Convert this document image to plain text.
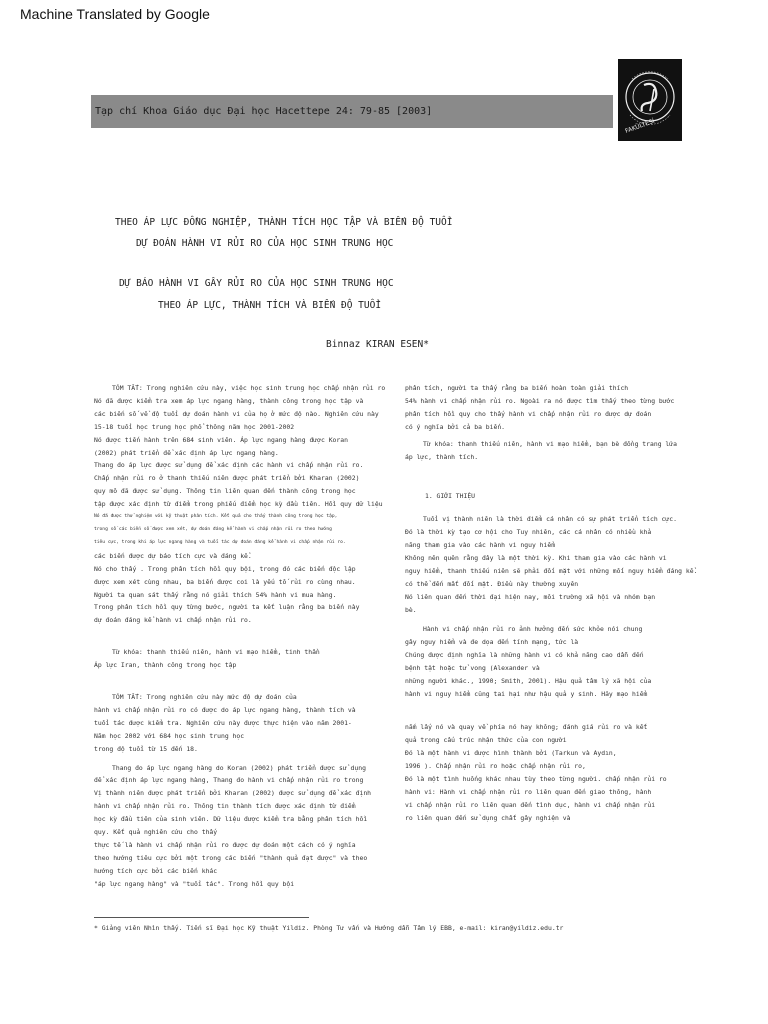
Machine Translated by Google
Tạp chí Khoa Giáo dục Đại học Hacettepe 24: 79-85 [2003]
FAKÜLTESİ
THEO ÁP LỰC ĐỒNG NGHIỆP, THÀNH TÍCH HỌC TẬP VÀ BIẾN ĐỘ TUỔI
DỰ ĐOÁN HÀNH VI RỦI RO CỦA HỌC SINH TRUNG HỌC
DỰ BÁO HÀNH VI GÂY RỦI RO CỦA HỌC SINH TRUNG HỌC
THEO ÁP LỰC, THÀNH TÍCH VÀ BIẾN ĐỘ TUỔI
Binnaz KIRAN ESEN*

TÓM TẮT: Trong nghiên cứu này, việc học sinh trung học chấp nhận rủi ro

Nó đã được kiểm tra xem áp lực ngang hàng, thành công trong học tập và

các biến số về độ tuổi dự đoán hành vi của họ ở mức độ nào. Nghiên cứu này

15-18 tuổi học trung học phổ thông năm học 2001-2002

Nó được tiến hành trên 684 sinh viên. Áp lực ngang hàng được Koran

(2002) phát triển để xác định áp lực ngang hàng.

Thang đo áp lực được sử dụng để xác định các hành vi chấp nhận rủi ro.

Chấp nhận rủi ro ở thanh thiếu niên được phát triển bởi Kharan (2002)

quy mô đã được sử dụng. Thông tin liên quan đến thành công trong học

tập được xác định từ điểm trong phiếu điểm học kỳ đầu tiên. Hồi quy dữ liệu

Nó đã được thử nghiệm với kỹ thuật phân tích. Kết quả cho thấy thành công trong học tập,

trong số các biến số được xem xét, dự đoán đáng kể hành vi chấp nhận rủi ro theo hướng

tiêu cực, trong khi áp lực ngang hàng và tuổi tác dự đoán đáng kể hành vi chấp nhận rủi ro.

các biến được dự báo tích cực và đáng kể.

Nó cho thấy . Trong phân tích hồi quy bội, trong đó các biến độc lập

được xem xét cùng nhau, ba biến được coi là yếu tố rủi ro cùng nhau.

Người ta quan sát thấy rằng nó giải thích 54% hành vi mua hàng.

Trong phân tích hồi quy từng bước, người ta kết luận rằng ba biến này

dự đoán đáng kể hành vi chấp nhận rủi ro.

Từ khóa: thanh thiếu niên, hành vi mạo hiểm, tinh thần

Áp lực Iran, thành công trong học tập

TÓM TẮT: Trong nghiên cứu này mức độ dự đoán của

hành vi chấp nhận rủi ro có được do áp lực ngang hàng, thành tích và

tuổi tác được kiểm tra. Nghiên cứu này được thực hiện vào năm 2001-

Năm học 2002 với 684 học sinh trung học

trong độ tuổi từ 15 đến 18.

Thang đo áp lực ngang hàng do Koran (2002) phát triển được sử dụng

để xác định áp lực ngang hàng, Thang đo hành vi chấp nhận rủi ro trong

Vị thành niên được phát triển bởi Kharan (2002) được sử dụng để xác định

hành vi chấp nhận rủi ro. Thông tin thành tích được xác định từ điểm

học kỳ đầu tiên của sinh viên. Dữ liệu được kiểm tra bằng phân tích hồi

quy. Kết quả nghiên cứu cho thấy

thực tế là hành vi chấp nhận rủi ro được dự đoán một cách có ý nghĩa

theo hướng tiêu cực bởi một trong các biến "thành quả đạt được" và theo

hướng tích cực bởi các biến khác

"áp lực ngang hàng" và "tuổi tác". Trong hồi quy bội

phân tích, người ta thấy rằng ba biến hoàn toàn giải thích

54% hành vi chấp nhận rủi ro. Ngoài ra nó được tìm thấy theo từng bước

phân tích hồi quy cho thấy hành vi chấp nhận rủi ro được dự đoán

có ý nghĩa bởi cả ba biến.

Từ khóa: thanh thiếu niên, hành vi mạo hiểm, bạn bè đồng trang lứa

áp lực, thành tích.

1. GIỚI THIỆU

Tuổi vị thành niên là thời điểm cá nhân có sự phát triển tích cực.

Đó là thời kỳ tạo cơ hội cho Tuy nhiên, các cá nhân có nhiều khả

năng tham gia vào các hành vi nguy hiểm

Không nên quên rằng đây là một thời kỳ. Khi tham gia vào các hành vi

nguy hiểm, thanh thiếu niên sẽ phải đối mặt với những mối nguy hiểm đáng kể.

có thể đến mất đối mặt. Điều này thường xuyên

Nó liên quan đến thời đại hiện nay, môi trường xã hội và nhóm bạn

bè.

Hành vi chấp nhận rủi ro ảnh hưởng đến sức khỏe nói chung

gây nguy hiểm và đe dọa đến tính mạng, tức là

Chúng được định nghĩa là những hành vi có khả năng cao dẫn đến

bệnh tật hoặc tử vong (Alexander và

những người khác., 1990; Smith, 2001). Hậu quả tâm lý xã hội của

hành vi nguy hiểm cũng tai hại như hậu quả y sinh. Hãy mạo hiểm

nắm lấy nó và quay về phía nó hay không; đánh giá rủi ro và kết

quả trong cấu trúc nhận thức của con người

Đó là một hành vi được hình thành bởi (Tarkun và Aydın,

1996 ). Chấp nhận rủi ro hoặc chấp nhận rủi ro,

Đó là một tình huống khác nhau tùy theo từng người. chấp nhận rủi ro

hành vi: Hành vi chấp nhận rủi ro liên quan đến giao thông, hành

vi chấp nhận rủi ro liên quan đến tình dục, hành vi chấp nhận rủi

ro liên quan đến sử dụng chất gây nghiện và

* Giảng viên Nhìn thấy. Tiến sĩ Đại học Kỹ thuật Yildiz. Phòng Tư vấn và Hướng dẫn Tâm lý EBB, e-mail: kiran@yildiz.edu.tr
